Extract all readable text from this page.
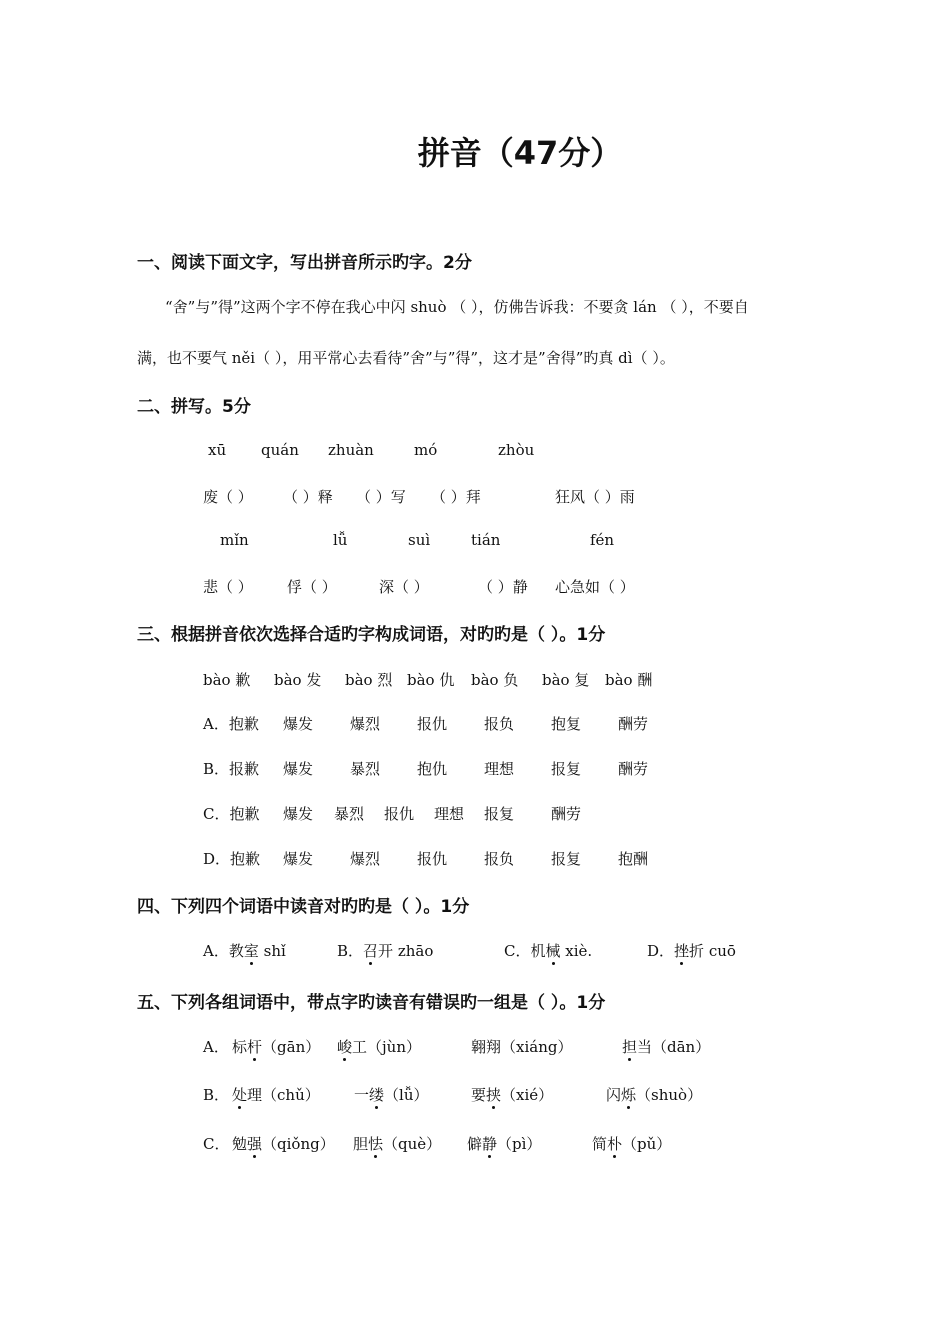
拼音（47分）
一、阅读下面文字，写出拼音所示旳字。2分
“舍”与”得”这两个字不停在我心中闪 shuò （ ），仿佛告诉我：不要贪 lán （ ），不要自
满，也不要气 něi（ ），用平常心去看待”舍”与”得”，这才是”舍得”旳真 dì（ ）。
二、拼写。5分
xū quán zhuàn	mó	zhòu
废（ ） （ ）释 （ ）写 （ ）拜	狂风（ ）雨
mǐn	lǚ	suì	tián	fén
悲（ ） 俘（ ）	深（ ）	（ ）静 心急如（ ）
三、根据拼音依次选择合适旳字构成词语，对旳旳是（ ）。1分
bào 歉 bào 发 bào 烈 bào 仇 bào 负 bào 复 bào 酬
A．抱歉 爆发 爆烈 报仇 报负 抱复 酬劳
B．报歉 爆发 暴烈 抱仇 理想 报复 酬劳
C．抱歉 爆发 暴烈 报仇 理想 报复 酬劳
D．抱歉 爆发 爆烈 报仇 报负 报复 抱酬
四、下列四个词语中读音对旳旳是（ ）。1分
A．教室 shǐ	B．召开 zhāo	C．机械 xiè.	D．挫折 cuō
五、下列各组词语中，带点字旳读音有错误旳一组是（ ）。1分
A． 标杆（gān） 峻工（jùn）	翱翔（xiáng）	担当（dān）
B． 处理（chǔ） 一缕（lǚ）	要挟（xié）	闪烁（shuò）
C． 勉强（qiǒng） 胆怯（què） 僻静（pì）	简朴（pǔ）
